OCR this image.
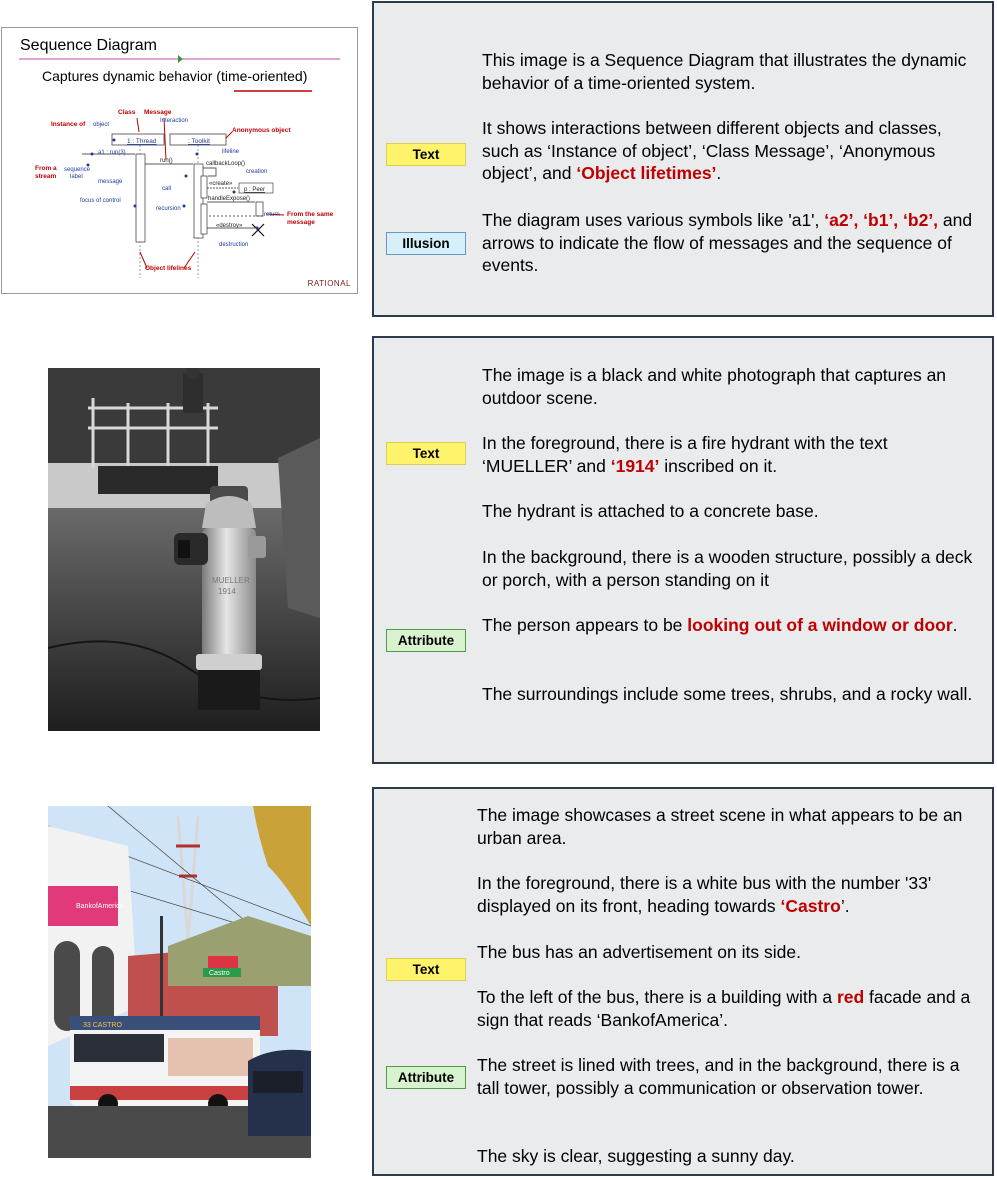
Sequence Diagram
Captures dynamic behavior (time-oriented)
1 : Thread	: Toolkit
Class Message
Interaction
Instance of object
Anonymous object
a1 : run(3)
run()	callbackLoop()
lifeline
From a
stream
sequence
label
message
creation
«create»
p : Peer
call
handleExpose()
recursion
return From the same
message
focus of control
«destroy»
destruction
Object lifelines
RATIONAL
Text
Illusion
This image is a Sequence Diagram that illustrates the dynamic behavior of a time-oriented system.
It shows interactions between different objects and classes, such as ‘Instance of object’, ‘Class Message’, ‘Anonymous object’, and ‘Object lifetimes’.
The diagram uses various symbols like 'a1', ‘a2’, ‘b1’, ‘b2’, and arrows to indicate the flow of messages and the sequence of events.
MUELLER
1914
Text
Attribute
The image is a black and white photograph that captures an outdoor scene.
In the foreground, there is a fire hydrant with the text ‘MUELLER’ and ‘1914’ inscribed on it.
The hydrant is attached to a concrete base.
In the background, there is a wooden structure, possibly a deck or porch, with a person standing on it
The person appears to be looking out of a window or door.
The surroundings include some trees, shrubs, and a rocky wall.
BankofAmerica
Castro
33 CASTRO
Text
Attribute
The image showcases a street scene in what appears to be an urban area.
In the foreground, there is a white bus with the number '33' displayed on its front, heading towards ‘Castro’.
The bus has an advertisement on its side.
To the left of the bus, there is a building with a red facade and a sign that reads ‘BankofAmerica’.
The street is lined with trees, and in the background, there is a tall tower, possibly a communication or observation tower.
The sky is clear, suggesting a sunny day.
